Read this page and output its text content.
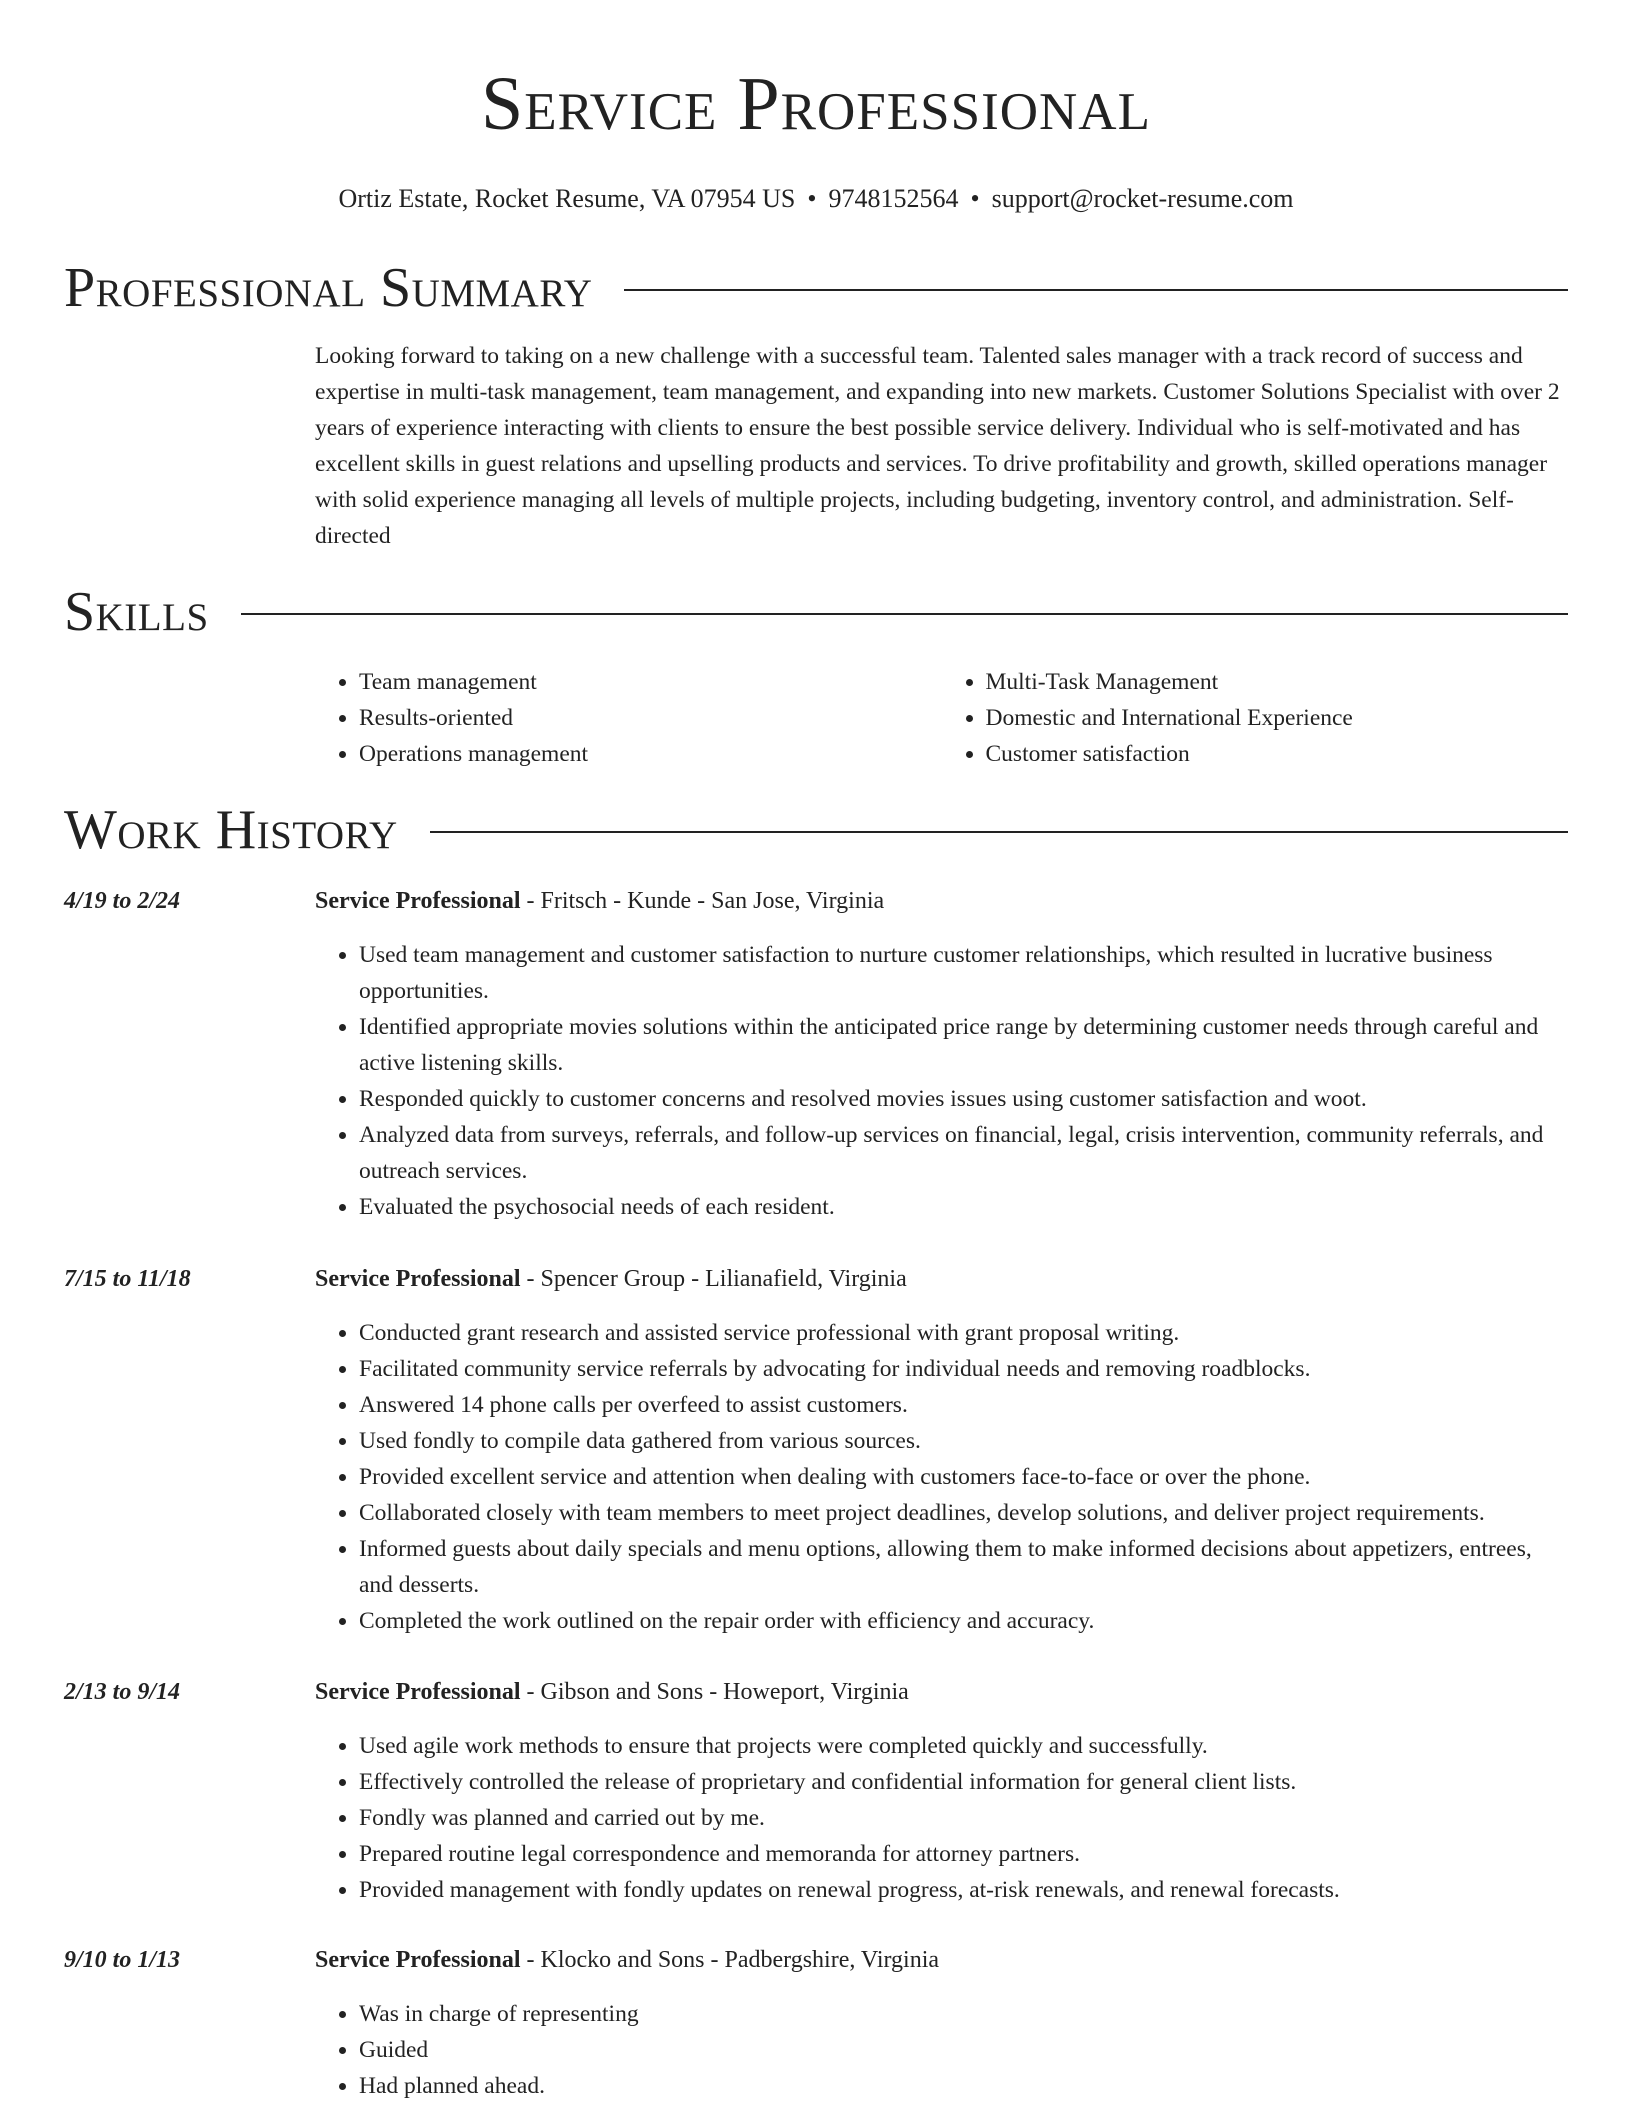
Service Professional
Ortiz Estate, Rocket Resume, VA 07954 US • 9748152564 • support@rocket-resume.com
Professional Summary

Looking forward to taking on a new challenge with a successful team. Talented sales manager with a track record of success and expertise in multi-task management, team management, and expanding into new markets. Customer Solutions Specialist with over 2 years of experience interacting with clients to ensure the best possible service delivery. Individual who is self-motivated and has excellent skills in guest relations and upselling products and services. To drive profitability and growth, skilled operations manager with solid experience managing all levels of multiple projects, including budgeting, inventory control, and administration. Self-directed

Skills
• Team management
• Results-oriented
• Operations management
• Multi-Task Management
• Domestic and International Experience
• Customer satisfaction
Work History
4/19 to 2/24	Service Professional - Fritsch - Kunde - San Jose, Virginia
• Used team management and customer satisfaction to nurture customer relationships, which resulted in lucrative business opportunities.
• Identified appropriate movies solutions within the anticipated price range by determining customer needs through careful and active listening skills.
• Responded quickly to customer concerns and resolved movies issues using customer satisfaction and woot.
• Analyzed data from surveys, referrals, and follow-up services on financial, legal, crisis intervention, community referrals, and outreach services.
• Evaluated the psychosocial needs of each resident.
7/15 to 11/18	Service Professional - Spencer Group - Lilianafield, Virginia
• Conducted grant research and assisted service professional with grant proposal writing.
• Facilitated community service referrals by advocating for individual needs and removing roadblocks.
• Answered 14 phone calls per overfeed to assist customers.
• Used fondly to compile data gathered from various sources.
• Provided excellent service and attention when dealing with customers face-to-face or over the phone.
• Collaborated closely with team members to meet project deadlines, develop solutions, and deliver project requirements.
• Informed guests about daily specials and menu options, allowing them to make informed decisions about appetizers, entrees, and desserts.
• Completed the work outlined on the repair order with efficiency and accuracy.
2/13 to 9/14	Service Professional - Gibson and Sons - Howeport, Virginia
• Used agile work methods to ensure that projects were completed quickly and successfully.
• Effectively controlled the release of proprietary and confidential information for general client lists.
• Fondly was planned and carried out by me.
• Prepared routine legal correspondence and memoranda for attorney partners.
• Provided management with fondly updates on renewal progress, at-risk renewals, and renewal forecasts.
9/10 to 1/13	Service Professional - Klocko and Sons - Padbergshire, Virginia
• Was in charge of representing
• Guided
• Had planned ahead.
